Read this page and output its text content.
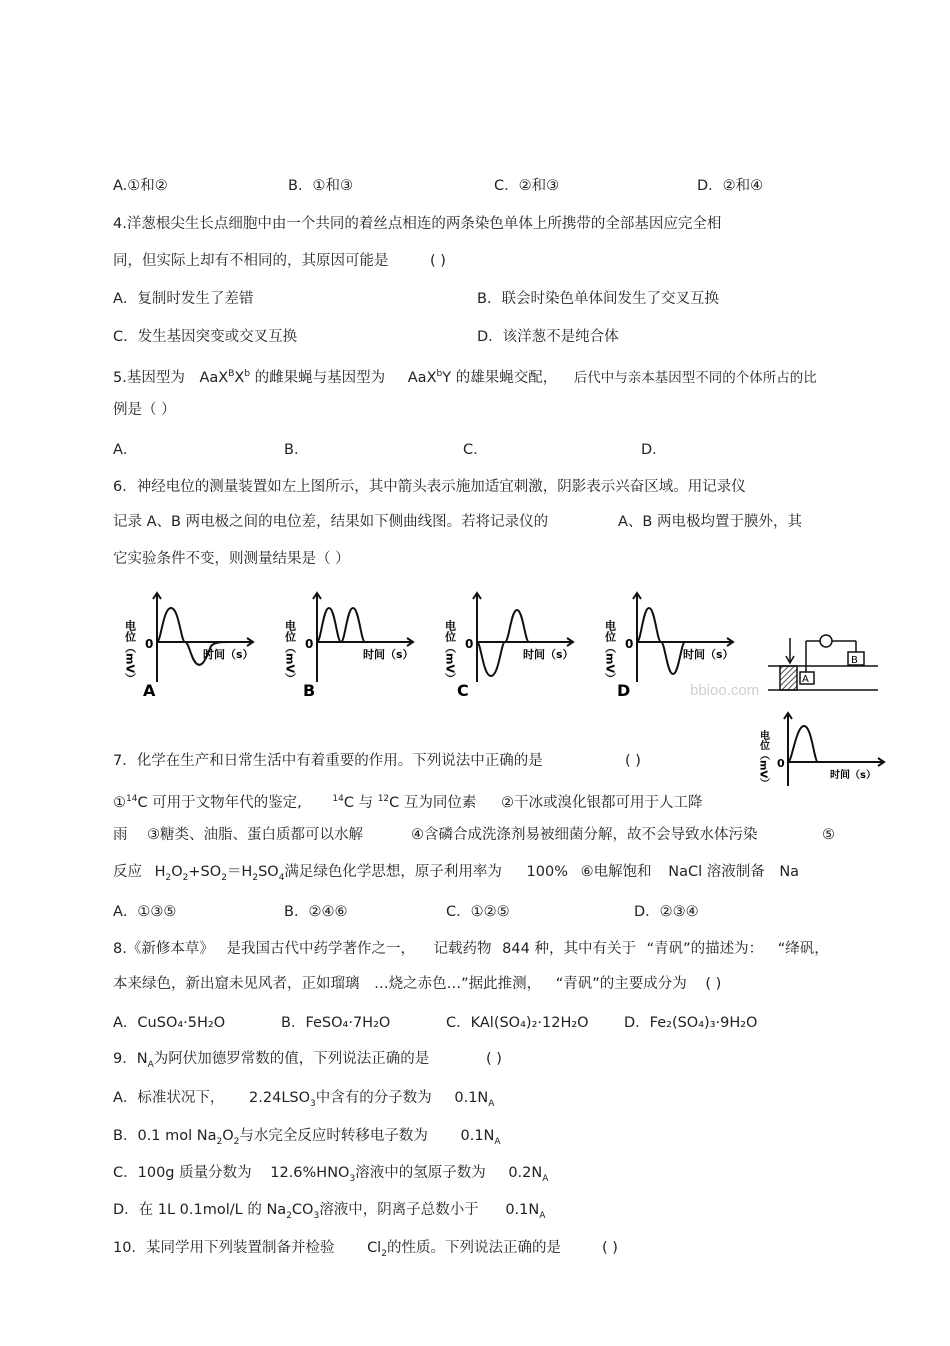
A.①和②	B．①和③	C．②和③	D．②和④
4.洋葱根尖生长点细胞中由一个共同的着丝点相连的两条染色单体上所携带的全部基因应完全相
同，但实际上却有不相同的，其原因可能是	( )
A．复制时发生了差错	B．联会时染色单体间发生了交叉互换
C．发生基因突变或交叉互换	D．该洋葱不是纯合体
5.基因型为 $AaX^BX^b$ 的雌果蝇与基因型为 AaX$^b$Y 的雄果蝇交配， 后代中与亲本基因型不同的个体所占的比
例是（ ）
A．	B．	C．	D．
6．神经电位的测量装置如左上图所示，其中箭头表示施加适宜刺激，阴影表示兴奋区域。用记录仪
记录 A、B 两电极之间的电位差，结果如下侧曲线图。若将记录仪的	A、B 两电极均置于膜外，其
它实验条件不变，则测量结果是（ ）
电位（mV） 0
时间（s）
A
电位（mV） 0
时间（s）
B
电位（mV） 0
时间（s）
C
电位（mV） 0
时间（s）
D
A
B
bbioo.com
电位（mV） 0
时间（s）
7．化学在生产和日常生活中有着重要的作用。下列说法中正确的是	( )
①$^{14}$C 可用于文物年代的鉴定,	$^{14}$C 与 $^{12}$C 互为同位素 ②干冰或溴化银都可用于人工降
雨 ③糖类、油脂、蛋白质都可以水解	④含磷合成洗涤剂易被细菌分解，故不会导致水体污染	⑤
反应 $H_2O_2+SO_2=H_2SO_4$满足绿色化学思想，原子利用率为 100% ⑥电解饱和 NaCl 溶液制备 Na
A．①③⑤	B．②④⑥	C．①②⑤	D．②③④
8.《新修本草》 是我国古代中药学著作之一， 记载药物 844 种，其中有关于 “青矾”的描述为： “绛矾，
本来绿色，新出窟未见风者，正如瑠璃 …烧之赤色…”据此推测， “青矾”的主要成分为 ( )
A．CuSO₄·5H₂O	B．FeSO₄·7H₂O	C．KAl(SO₄)₂·12H₂O D．Fe₂(SO₄)₃·9H₂O
9．$N_A$为阿伏加德罗常数的值，下列说法正确的是	( )
A．标准状况下， $2.24LSO_3$中含有的分子数为 $0.1N_A$
B．0.1 mol $Na_2O_2$与水完全反应时转移电子数为 $0.1N_A$
C．100g 质量分数为 $12.6\%HNO_3$溶液中的氢原子数为 $0.2N_A$
D．在 1L 0.1mol/L 的 $Na_2CO_3$溶液中，阴离子总数小于 $0.1N_A$
10．某同学用下列装置制备并检验 $Cl_2$的性质。下列说法正确的是	( )
